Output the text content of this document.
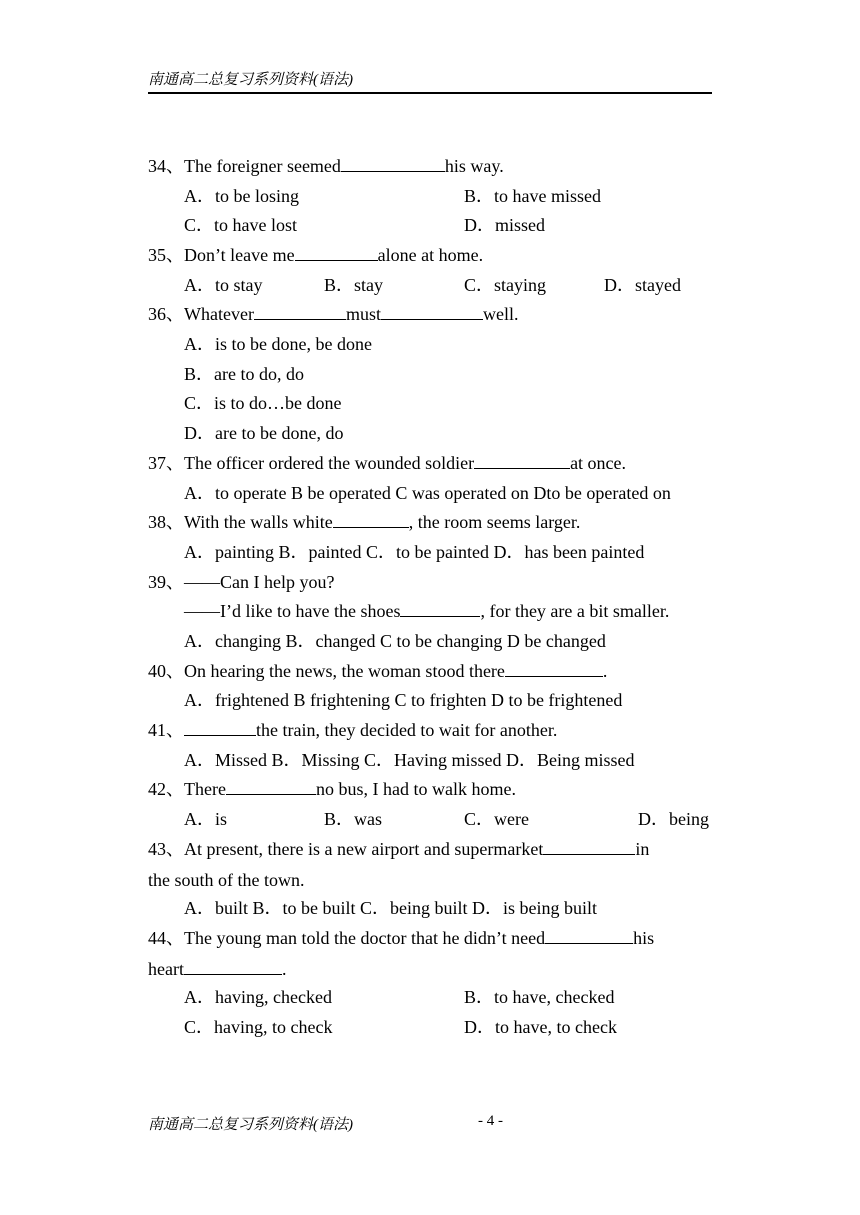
南通高二总复习系列资料(语法)
34、The foreigner seemed	his way.
A．to be losing	B．to have missed
C．to have lost	D．missed
35、Don’t leave me	alone at home.
A．to stay	B．stay	C．staying	D．stayed
36、Whatever	must	well.
A．is to be done, be done
B．are to do, do
C．is to do…be done
D．are to be done, do
37、The officer ordered the wounded soldier	at once.
A．to operate B be operated C was operated on Dto be operated on
38、With the walls white	, the room seems larger.
A．painting B．painted C．to be painted D．has been painted
39、——Can I help you?
——I’d like to have the shoes	, for they are a bit smaller.
A．changing B．changed C to be changing D be changed
40、On hearing the news, the woman stood there	.
A．frightened B frightening C to frighten D to be frightened
41、	the train, they decided to wait for another.
A．Missed B．Missing C．Having missed D．Being missed
42、There	no bus, I had to walk home.
A．is	B．was	C．were	D．being
43、At present, there is a new airport and supermarket	in
the south of the town.
A．built B．to be built C．being built D．is being built
44、The young man told the doctor that he didn’t need	his
heart	.
A．having, checked	B．to have, checked
C．having, to check	D．to have, to check
南通高二总复习系列资料(语法)	- 4 -
